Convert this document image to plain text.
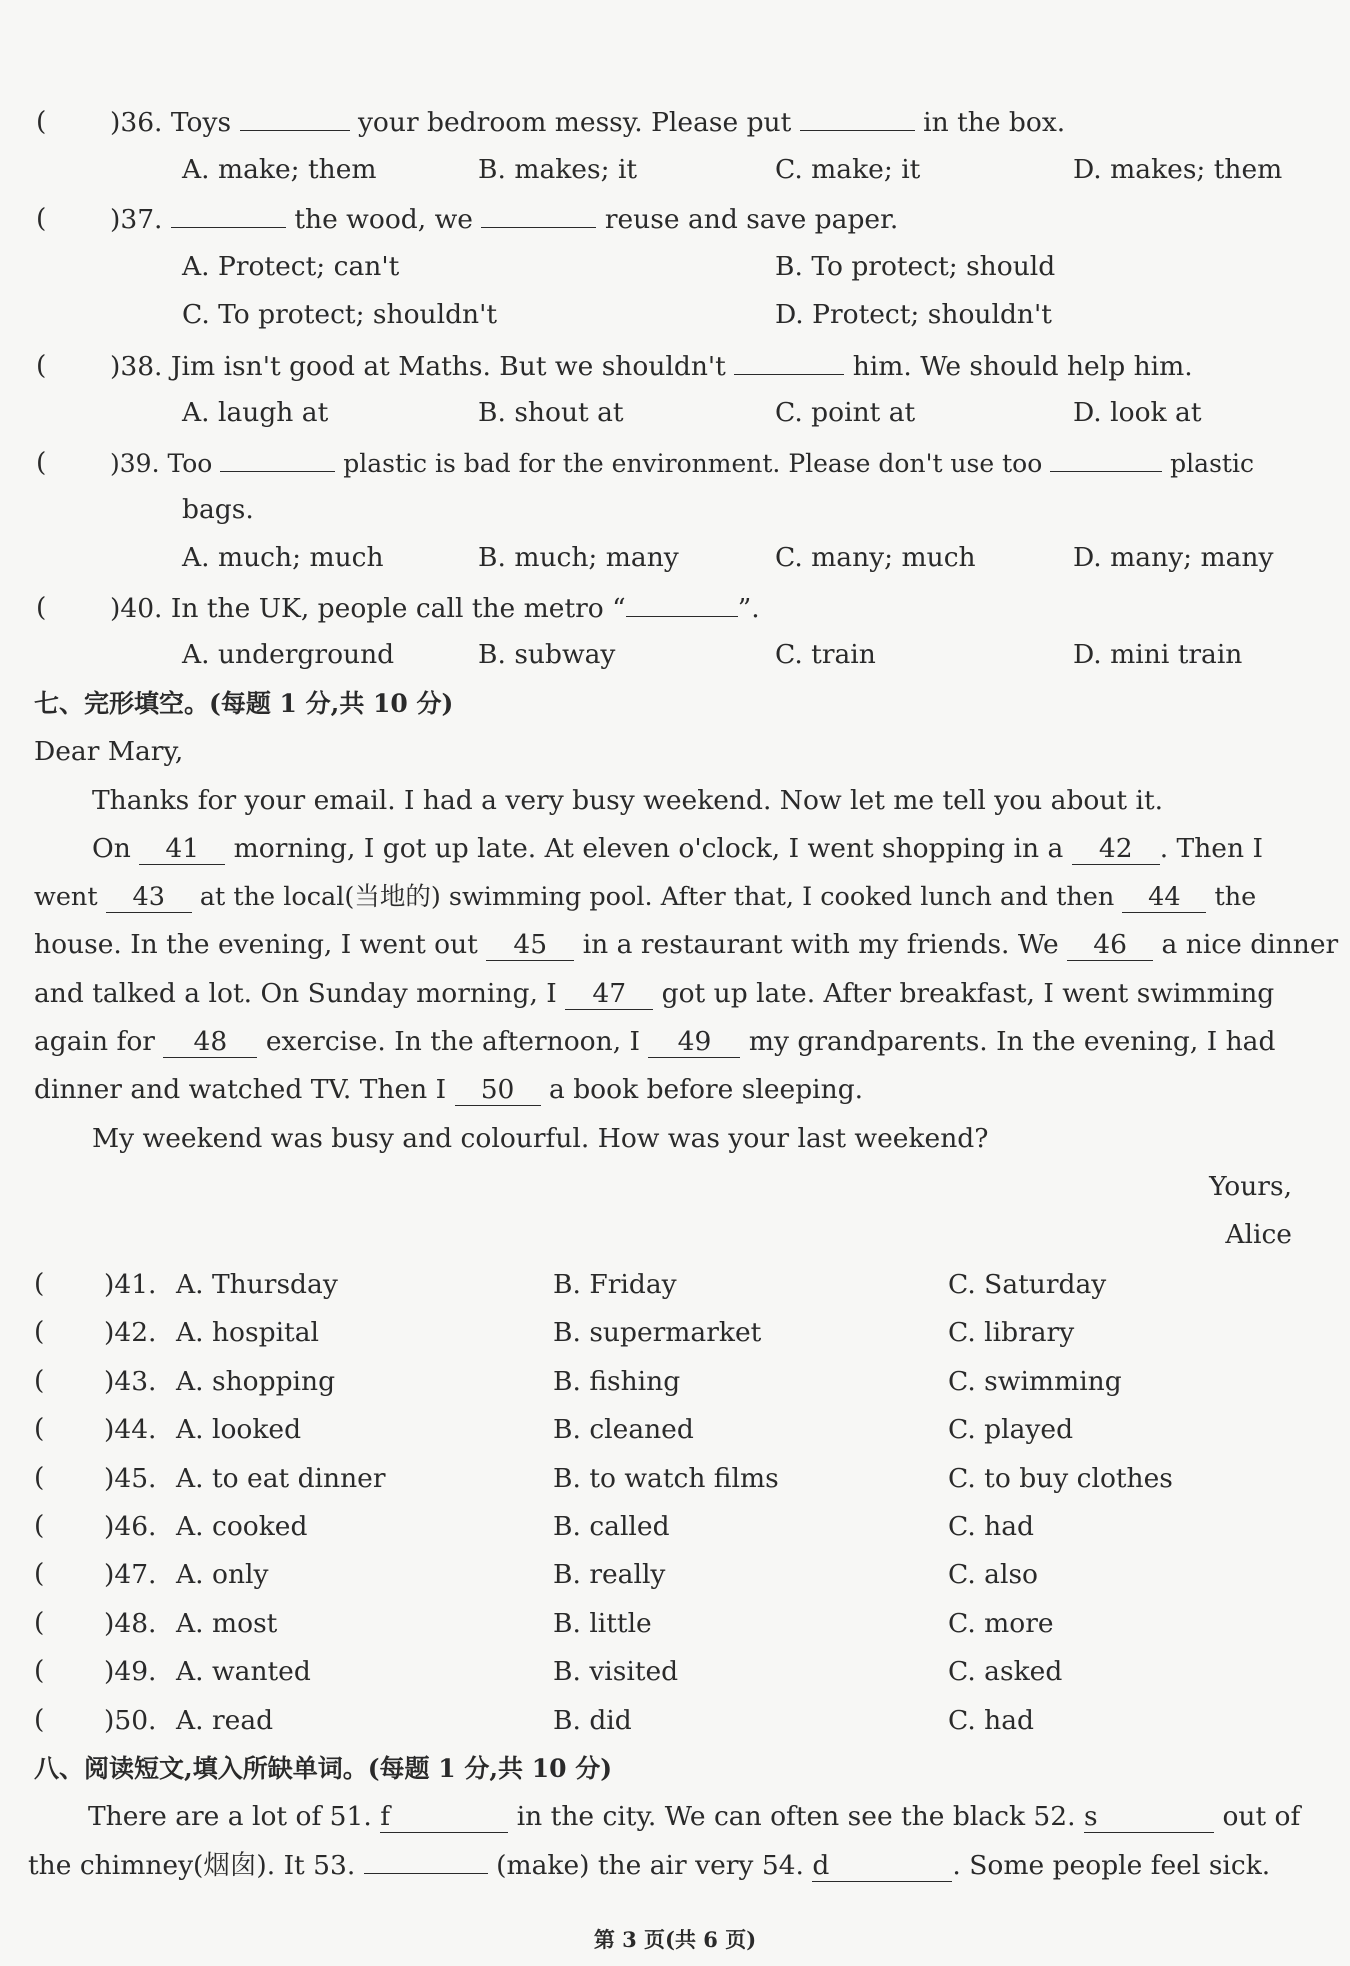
( )36. Toys	your bedroom messy. Please put	in the box.
A. make; them	B. makes; it	C. make; it	D. makes; them
( )37.	the wood, we	reuse and save paper.
A. Protect; can't	B. To protect; should
C. To protect; shouldn't	D. Protect; shouldn't
( )38. Jim isn't good at Maths. But we shouldn't	him. We should help him.
A. laugh at	B. shout at	C. point at	D. look at
(	)39. Too	plastic is bad for the environment. Please don't use too	plastic
bags.
A. much; much	B. much; many	C. many; much	D. many; many
( )40. In the UK, people call the metro “	”.
A. underground	B. subway	C. train	D. mini train
七、完形填空。(每题 1 分,共 10 分)
Dear Mary,
Thanks for your email. I had a very busy weekend. Now let me tell you about it.
On 41 morning, I got up late. At eleven o'clock, I went shopping in a 42 . Then I
went 43 at the local(当地的) swimming pool. After that, I cooked lunch and then 44 the
house. In the evening, I went out 45 in a restaurant with my friends. We 46 a nice dinner
and talked a lot. On Sunday morning, I 47 got up late. After breakfast, I went swimming
again for 48 exercise. In the afternoon, I 49 my grandparents. In the evening, I had
dinner and watched TV. Then I 50 a book before sleeping.
My weekend was busy and colourful. How was your last weekend?
Yours,
Alice
( )41. A. Thursday	B. Friday	C. Saturday
( )42. A. hospital	B. supermarket	C. library
( )43. A. shopping	B. fishing	C. swimming
( )44. A. looked	B. cleaned	C. played
( )45. A. to eat dinner	B. to watch films	C. to buy clothes
( )46. A. cooked	B. called	C. had
( )47. A. only	B. really	C. also
( )48. A. most	B. little	C. more
( )49. A. wanted	B. visited	C. asked
( )50. A. read	B. did	C. had
八、阅读短文,填入所缺单词。(每题 1 分,共 10 分)
There are a lot of 51. f	in the city. We can often see the black 52. s	out of
the chimney(烟囱). It 53.	(make) the air very 54. d	. Some people feel sick.
第 3 页(共 6 页)
